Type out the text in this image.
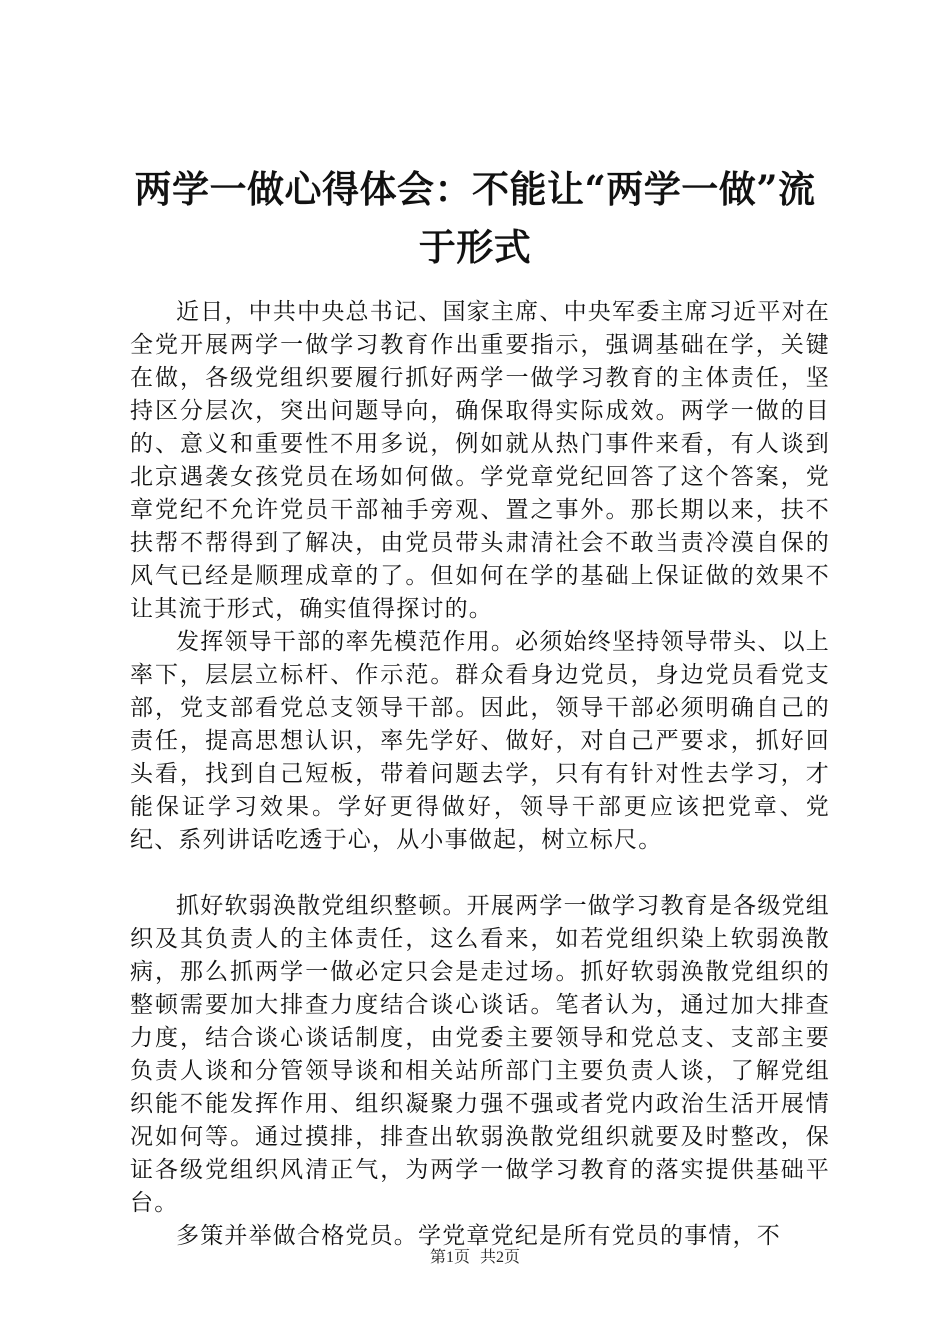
两学一做心得体会：不能让“两学一做”流于形式

近日，中共中央总书记、国家主席、中央军委主席习近平对在全党开展两学一做学习教育作出重要指示，强调基础在学，关键在做，各级党组织要履行抓好两学一做学习教育的主体责任，坚持区分层次，突出问题导向，确保取得实际成效。两学一做的目的、意义和重要性不用多说，例如就从热门事件来看，有人谈到北京遇袭女孩党员在场如何做。学党章党纪回答了这个答案，党章党纪不允许党员干部袖手旁观、置之事外。那长期以来，扶不扶帮不帮得到了解决，由党员带头肃清社会不敢当责冷漠自保的风气已经是顺理成章的了。但如何在学的基础上保证做的效果不让其流于形式，确实值得探讨的。

发挥领导干部的率先模范作用。必须始终坚持领导带头、以上率下，层层立标杆、作示范。群众看身边党员，身边党员看党支部，党支部看党总支领导干部。因此，领导干部必须明确自己的责任，提高思想认识，率先学好、做好，对自己严要求，抓好回头看，找到自己短板，带着问题去学，只有有针对性去学习，才能保证学习效果。学好更得做好，领导干部更应该把党章、党纪、系列讲话吃透于心，从小事做起，树立标尺。

抓好软弱涣散党组织整顿。开展两学一做学习教育是各级党组织及其负责人的主体责任，这么看来，如若党组织染上软弱涣散病，那么抓两学一做必定只会是走过场。抓好软弱涣散党组织的整顿需要加大排查力度结合谈心谈话。笔者认为，通过加大排查力度，结合谈心谈话制度，由党委主要领导和党总支、支部主要负责人谈和分管领导谈和相关站所部门主要负责人谈，了解党组织能不能发挥作用、组织凝聚力强不强或者党内政治生活开展情况如何等。通过摸排，排查出软弱涣散党组织就要及时整改，保证各级党组织风清正气，为两学一做学习教育的落实提供基础平台。

多策并举做合格党员。学党章党纪是所有党员的事情，不

第1页 共2页
